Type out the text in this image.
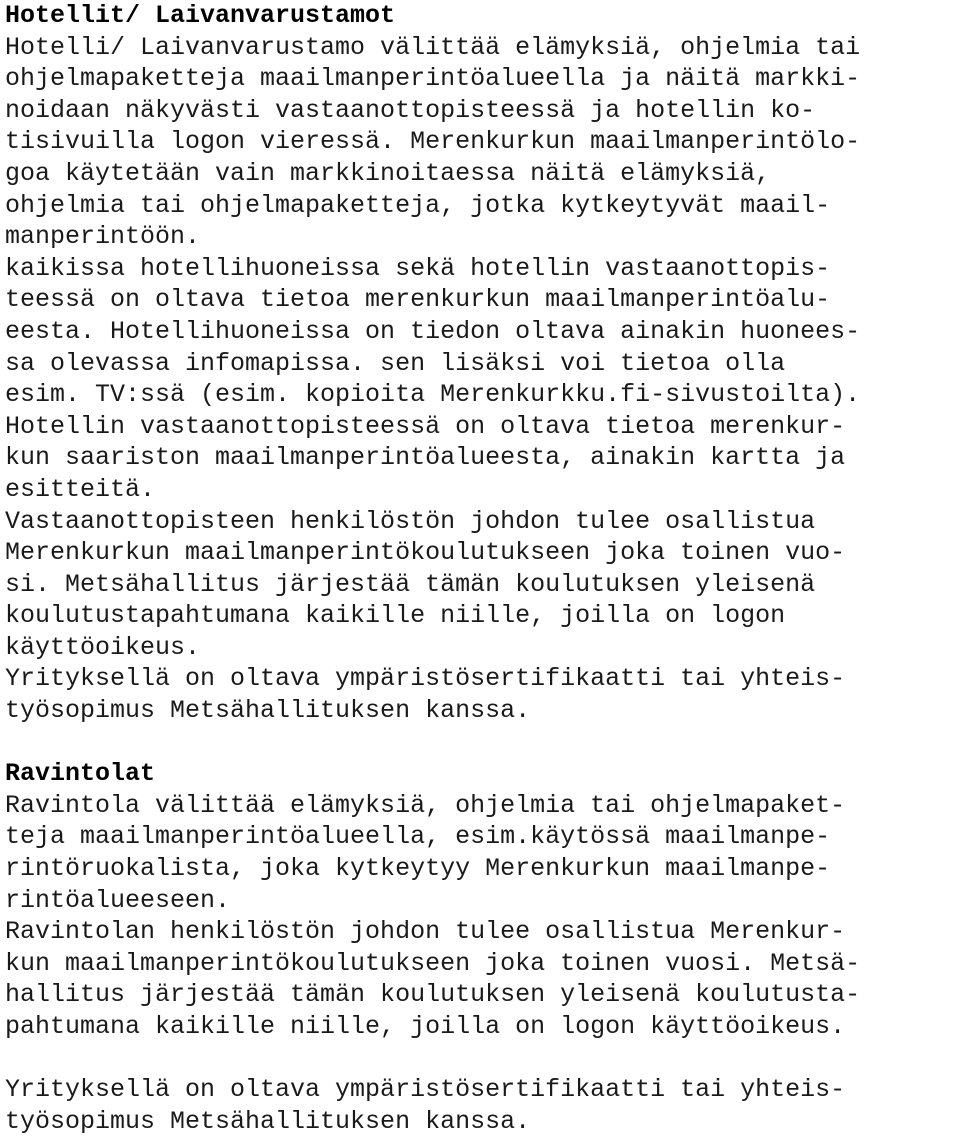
Hotellit/ Laivanvarustamot
Hotelli/ Laivanvarustamo välittää elämyksiä, ohjelmia tai
ohjelmapaketteja maailmanperintöalueella ja näitä markki-
noidaan näkyvästi vastaanottopisteessä ja hotellin ko-
tisivuilla logon vieressä. Merenkurkun maailmanperintölo-
goa käytetään vain markkinoitaessa näitä elämyksiä,
ohjelmia tai ohjelmapaketteja, jotka kytkeytyvät maail-
manperintöön.
kaikissa hotellihuoneissa sekä hotellin vastaanottopis-
teessä on oltava tietoa merenkurkun maailmanperintöalu-
eesta. Hotellihuoneissa on tiedon oltava ainakin huonees-
sa olevassa infomapissa. sen lisäksi voi tietoa olla
esim. TV:ssä (esim. kopioita Merenkurkku.fi-sivustoilta).
Hotellin vastaanottopisteessä on oltava tietoa merenkur-
kun saariston maailmanperintöalueesta, ainakin kartta ja
esitteitä.
Vastaanottopisteen henkilöstön johdon tulee osallistua
Merenkurkun maailmanperintökoulutukseen joka toinen vuo-
si. Metsähallitus järjestää tämän koulutuksen yleisenä
koulutustapahtumana kaikille niille, joilla on logon
käyttöoikeus.
Yrityksellä on oltava ympäristösertifikaatti tai yhteis-
työsopimus Metsähallituksen kanssa.
Ravintolat
Ravintola välittää elämyksiä, ohjelmia tai ohjelmapaket-
teja maailmanperintöalueella, esim.käytössä maailmanpe-
rintöruokalista, joka kytkeytyy Merenkurkun maailmanpe-
rintöalueeseen.
Ravintolan henkilöstön johdon tulee osallistua Merenkur-
kun maailmanperintökoulutukseen joka toinen vuosi. Metsä-
hallitus järjestää tämän koulutuksen yleisenä koulutusta-
pahtumana kaikille niille, joilla on logon käyttöoikeus.
Yrityksellä on oltava ympäristösertifikaatti tai yhteis-
työsopimus Metsähallituksen kanssa.
